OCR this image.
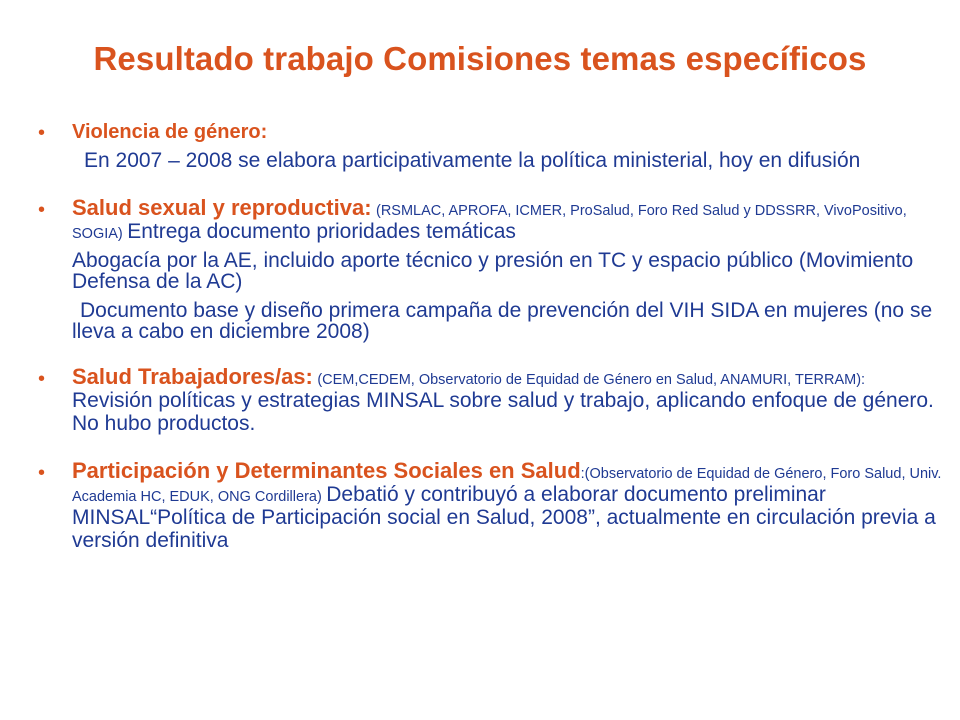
Resultado trabajo Comisiones temas específicos
• Violencia de género:
En 2007 – 2008 se elabora participativamente la política ministerial, hoy en difusión
• Salud sexual y reproductiva: (RSMLAC, APROFA, ICMER, ProSalud, Foro Red Salud y DDSSRR, VivoPositivo, SOGIA) Entrega documento prioridades temáticas
Abogacía por la AE, incluido aporte técnico y presión en TC y espacio público (Movimiento Defensa de la AC)
Documento base y diseño primera campaña de prevención del VIH SIDA en mujeres (no se lleva a cabo en diciembre 2008)
• Salud Trabajadores/as: (CEM,CEDEM, Observatorio de Equidad de Género en Salud, ANAMURI, TERRAM): Revisión políticas y estrategias MINSAL sobre salud y trabajo, aplicando enfoque de género. No hubo productos.
• Participación y Determinantes Sociales en Salud:(Observatorio de Equidad de Género, Foro Salud, Univ. Academia HC, EDUK, ONG Cordillera) Debatió y contribuyó a elaborar documento preliminar MINSAL“Política de Participación social en Salud, 2008”, actualmente en circulación previa a versión definitiva
